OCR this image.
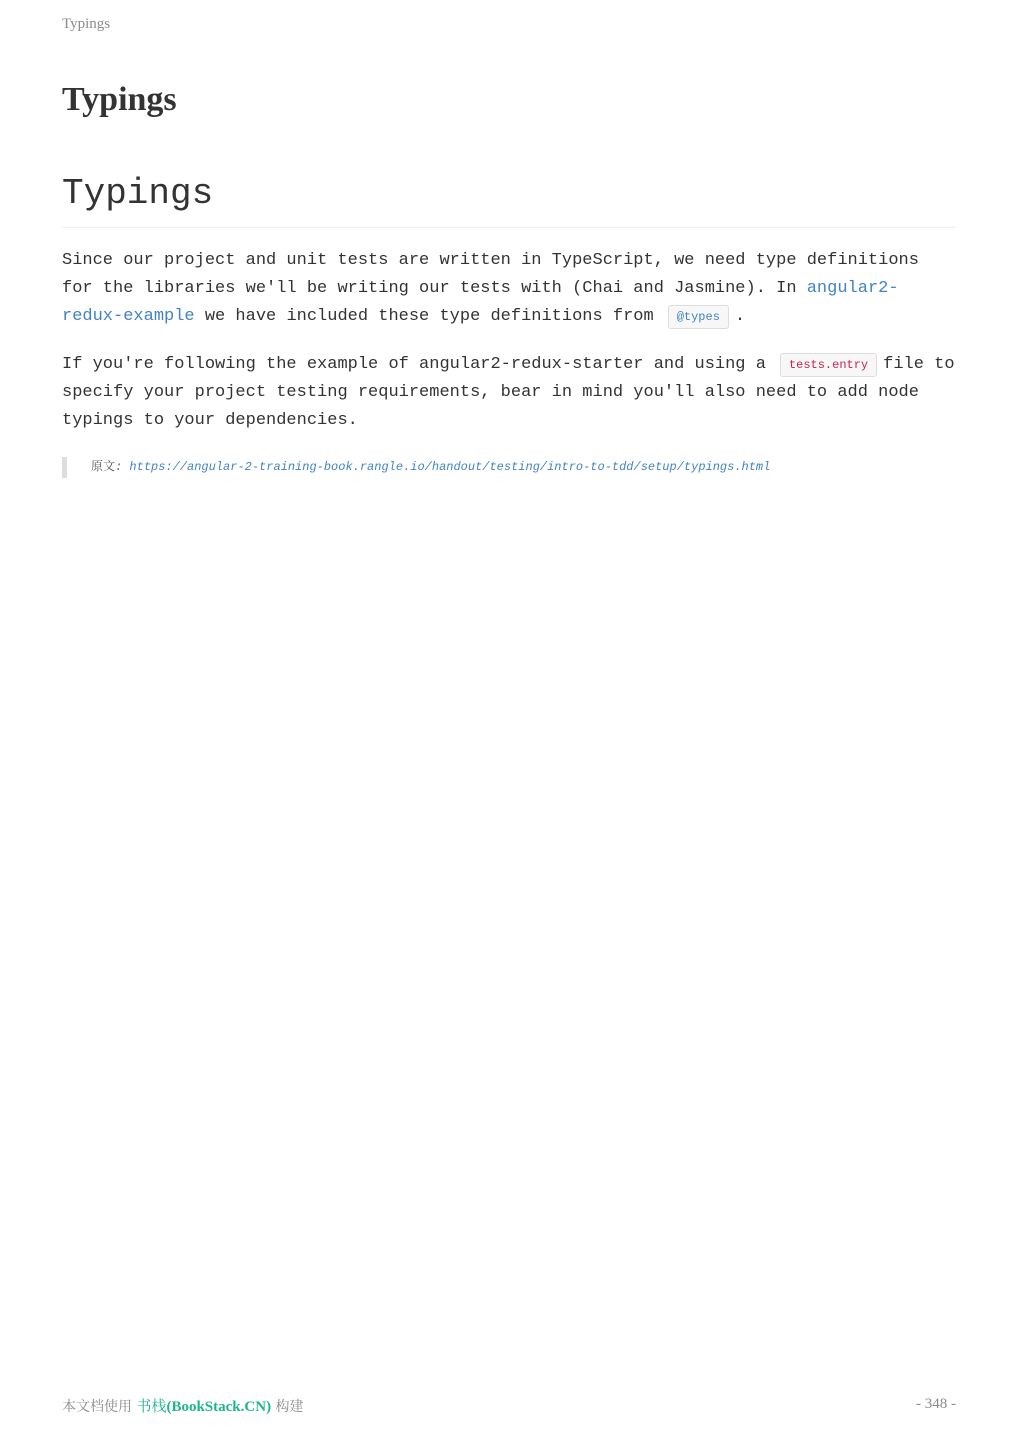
Typings
Typings
Typings

Since our project and unit tests are written in TypeScript, we need type definitions for the libraries we'll be writing our tests with (Chai and Jasmine). In angular2-redux-example we have included these type definitions from @types .

If you're following the example of angular2-redux-starter and using a tests.entry file to specify your project testing requirements, bear in mind you'll also need to add node typings to your dependencies.

原文: https://angular-2-training-book.rangle.io/handout/testing/intro-to-tdd/setup/typings.html
本文档使用 书栈(BookStack.CN) 构建	- 348 -
